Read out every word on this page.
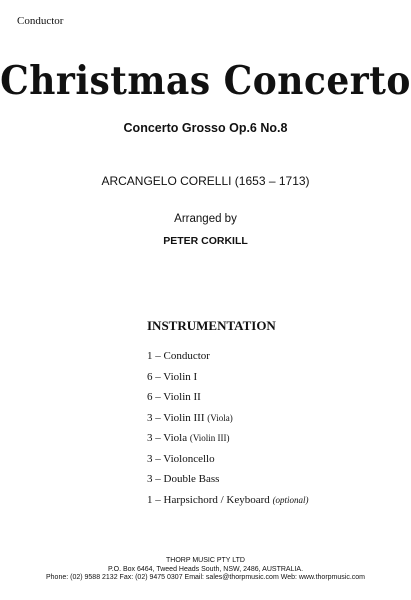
Conductor
Christmas Concerto
Concerto Grosso Op.6 No.8
ARCANGELO CORELLI (1653 – 1713)
Arranged by
PETER CORKILL
INSTRUMENTATION
1 – Conductor
6 – Violin I
6 – Violin II
3 – Violin III (Viola)
3 – Viola (Violin III)
3 – Violoncello
3 – Double Bass
1 – Harpsichord / Keyboard (optional)
THORP MUSIC PTY LTD
P.O. Box 6464, Tweed Heads South, NSW, 2486, AUSTRALIA.
Phone: (02) 9588 2132 Fax: (02) 9475 0307 Email: sales@thorpmusic.com Web: www.thorpmusic.com
